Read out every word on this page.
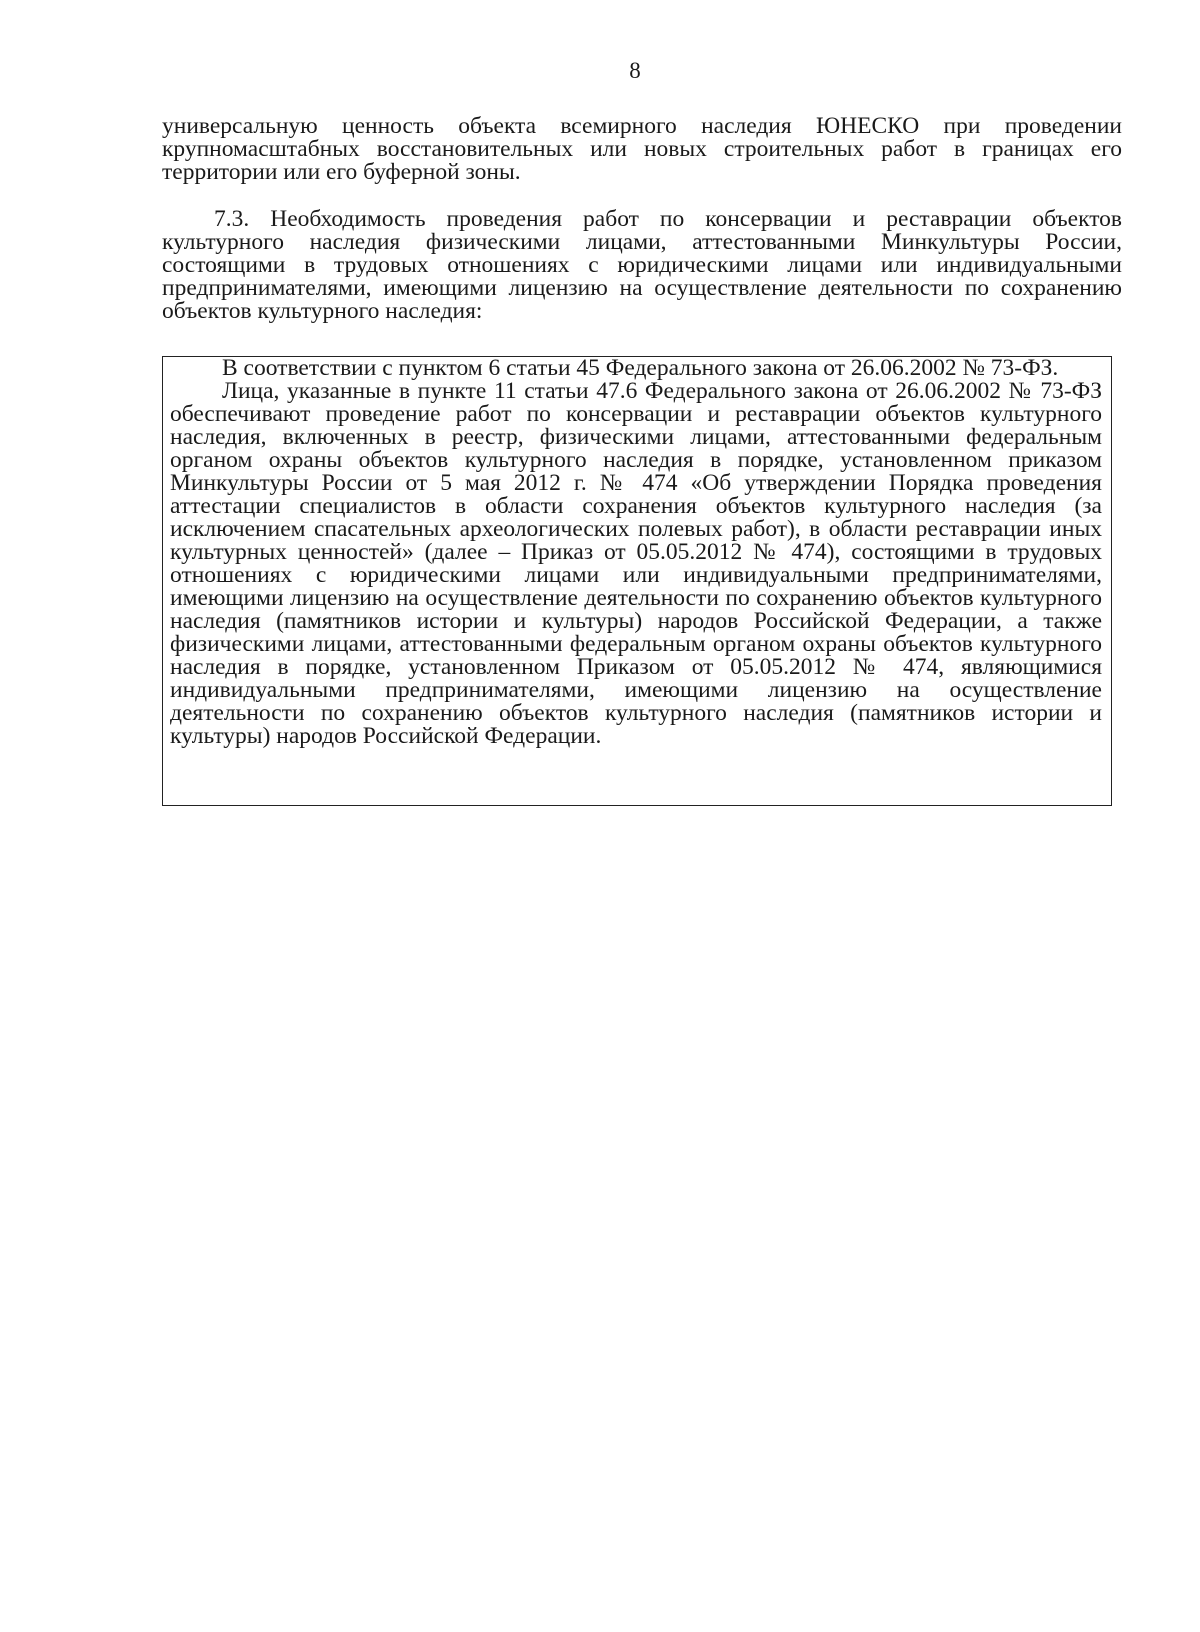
8

универсальную ценность объекта всемирного наследия ЮНЕСКО при проведении крупномасштабных восстановительных или новых строительных работ в границах его территории или его буферной зоны.

7.3. Необходимость проведения работ по консервации и реставрации объектов культурного наследия физическими лицами, аттестованными Минкультуры России, состоящими в трудовых отношениях с юридическими лицами или индивидуальными предпринимателями, имеющими лицензию на осуществление деятельности по сохранению объектов культурного наследия:

В соответствии с пунктом 6 статьи 45 Федерального закона от 26.06.2002 № 73-ФЗ.

Лица, указанные в пункте 11 статьи 47.6 Федерального закона от 26.06.2002 № 73-ФЗ обеспечивают проведение работ по консервации и реставрации объектов культурного наследия, включенных в реестр, физическими лицами, аттестованными федеральным органом охраны объектов культурного наследия в порядке, установленном приказом Минкультуры России от 5 мая 2012 г. № 474 «Об утверждении Порядка проведения аттестации специалистов в области сохранения объектов культурного наследия (за исключением спасательных археологических полевых работ), в области реставрации иных культурных ценностей» (далее – Приказ от 05.05.2012 № 474), состоящими в трудовых отношениях с юридическими лицами или индивидуальными предпринимателями, имеющими лицензию на осуществление деятельности по сохранению объектов культурного наследия (памятников истории и культуры) народов Российской Федерации, а также физическими лицами, аттестованными федеральным органом охраны объектов культурного наследия в порядке, установленном Приказом от 05.05.2012 № 474, являющимися индивидуальными предпринимателями, имеющими лицензию на осуществление деятельности по сохранению объектов культурного наследия (памятников истории и культуры) народов Российской Федерации.
